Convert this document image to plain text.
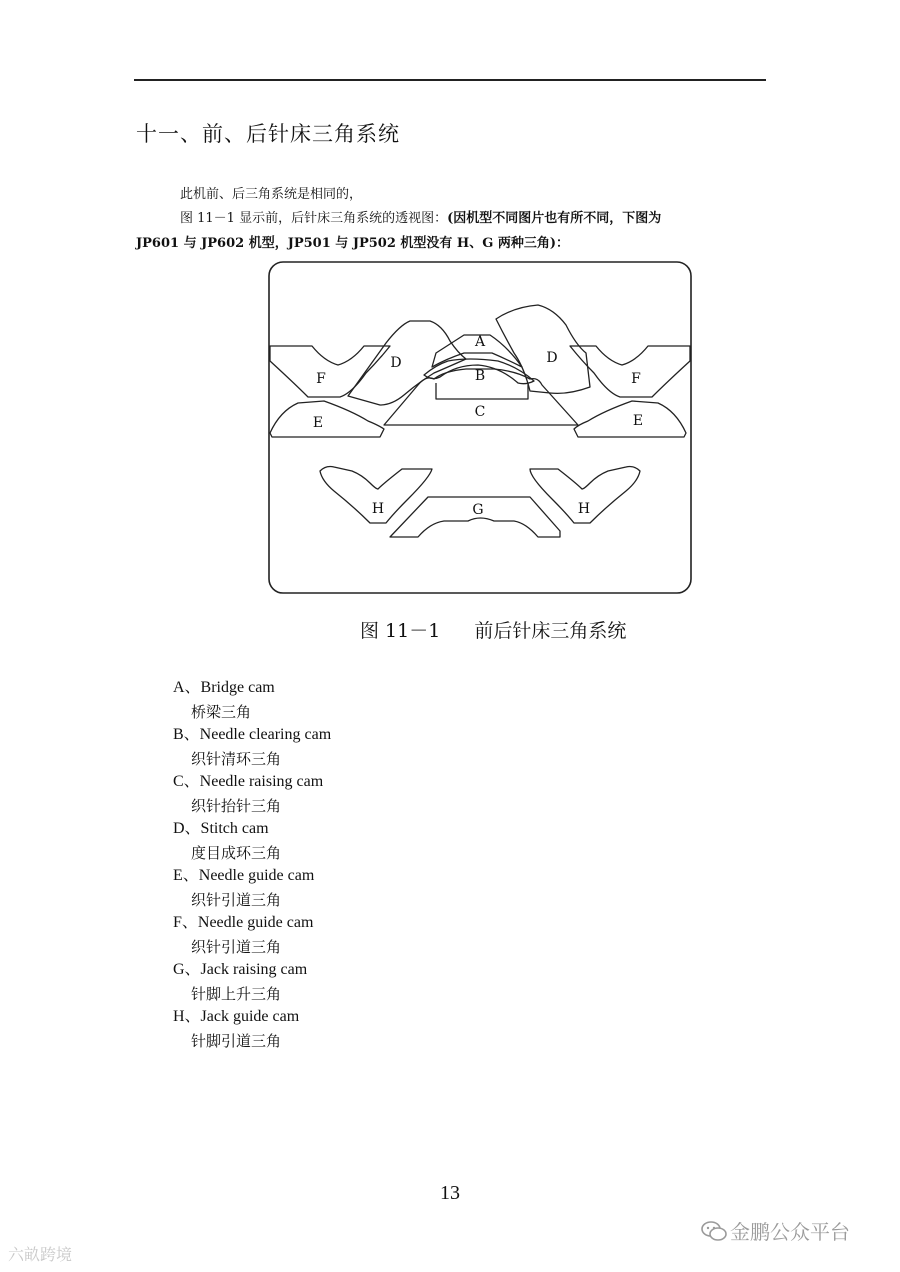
十一、前、后针床三角系统
此机前、后三角系统是相同的，
图 11－1 显示前，后针床三角系统的透视图：(因机型不同图片也有所不同，下图为
JP601 与 JP602 机型，JP501 与 JP502 机型没有 H、G 两种三角)：
A
B
C
D	D
F	F
E	E
H	H
G
图 11－1 前后针床三角系统
A、Bridge cam
桥梁三角
B、Needle clearing cam
织针清环三角
C、Needle raising cam
织针抬针三角
D、Stitch cam
度目成环三角
E、Needle guide cam
织针引道三角
F、Needle guide cam
织针引道三角
G、Jack raising cam
针脚上升三角
H、Jack guide cam
针脚引道三角
13
六畝跨境
金鹏公众平台
